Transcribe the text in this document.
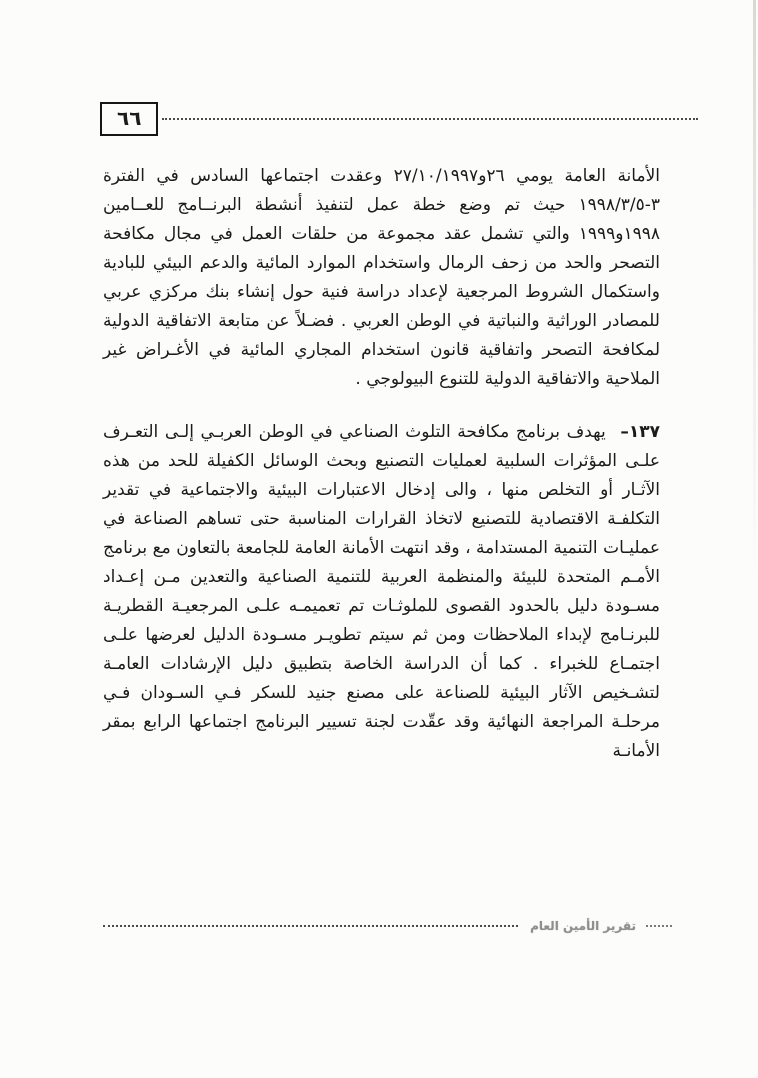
٦٦

الأمانة العامة يومي ٢٦و٢٧/١٠/١٩٩٧ وعقدت اجتماعها السادس في الفترة ٣-١٩٩٨/٣/٥ حيث تم وضع خطة عمل لتنفيذ أنشطة البرنــامج للعــامين ١٩٩٨و١٩٩٩ والتي تشمل عقد مجموعة من حلقات العمل في مجال مكافحة التصحر والحد من زحف الرمال واستخدام الموارد المائية والدعم البيئي للبادية واستكمال الشروط المرجعية لإعداد دراسة فنية حول إنشاء بنك مركزي عربي للمصادر الوراثية والنباتية في الوطن العربي . فضـلاً عن متابعة الاتفاقية الدولية لمكافحة التصحر واتفاقية قانون استخدام المجاري المائية في الأغـراض غير الملاحية والاتفاقية الدولية للتنوع البيولوجي .

١٣٧– يهدف برنامج مكافحة التلوث الصناعي في الوطن العربـي إلـى التعـرف علـى المؤثرات السلبية لعمليات التصنيع وبحث الوسائل الكفيلة للحد من هذه الآثـار أو التخلص منها ، والى إدخال الاعتبارات البيئية والاجتماعية في تقدير التكلفـة الاقتصادية للتصنيع لاتخاذ القرارات المناسبة حتى تساهم الصناعة في عمليـات التنمية المستدامة ، وقد انتهت الأمانة العامة للجامعة بالتعاون مع برنامج الأمـم المتحدة للبيئة والمنظمة العربية للتنمية الصناعية والتعدين مـن إعـداد مسـودة دليل بالحدود القصوى للملوثـات تم تعميمـه علـى المرجعيـة القطريـة للبرنـامج لإبداء الملاحظات ومن ثم سيتم تطويـر مسـودة الدليل لعرضها علـى اجتمـاع للخبراء . كما أن الدراسة الخاصة بتطبيق دليل الإرشادات العامـة لتشـخيص الآثار البيئية للصناعة على مصنع جنيد للسكر فـي السـودان فـي مرحلـة المراجعة النهائية وقد عقّدت لجنة تسيير البرنامج اجتماعها الرابع بمقر الأمانـة

تقرير الأمين العام
